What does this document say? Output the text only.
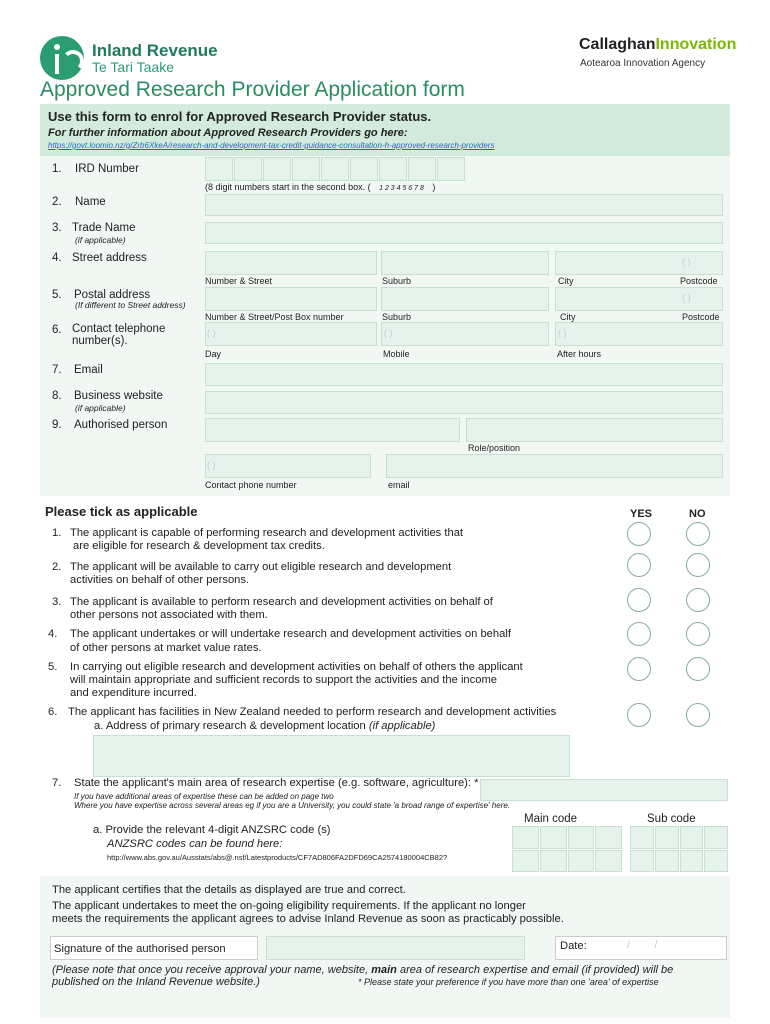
Inland Revenue
Te Tari Taake
CallaghanInnovation
Aotearoa Innovation Agency
Approved Research Provider Application form
Use this form to enrol for Approved Research Provider status.
For further information about Approved Research Providers go here:
https://govt.loomio.nz/g/Zrb6XkeA/research-and-development-tax-credit-guidance-consultation-h-approved-research-providers
1. IRD Number
(8 digit numbers start in the second box. ( 1 2 3 4 5 6 7 8 )
2. Name
3. Trade Name
(if applicable)
4. Street address	( )
Number & Street	Suburb	City	Postcode
5. Postal address
(If different to Street address)
( )
Number & Street/Post Box number	Suburb	City	Postcode
6. Contact telephone
number(s).
( )	( )	( )
Day	Mobile	After hours
7. Email
8. Business website
(if applicable)
9. Authorised person
Role/position
( )
Contact phone number	email
Please tick as applicable	YES	NO
1. The applicant is capable of performing research and development activities that
are eligible for research & development tax credits.
2. The applicant will be available to carry out eligible research and development
activities on behalf of other persons.
3. The applicant is available to perform research and development activities on behalf of
other persons not associated with them.
4. The applicant undertakes or will undertake research and development activities on behalf
of other persons at market value rates.
5. In carrying out eligible research and development activities on behalf of others the applicant
will maintain appropriate and sufficient records to support the activities and the income
and expenditure incurred.
6. The applicant has facilities in New Zealand needed to perform research and development activities
a. Address of primary research & development location (if applicable)
7. State the applicant's main area of research expertise (e.g. software, agriculture): *
If you have additional areas of expertise these can be added on page two
Where you have expertise across several areas eg if you are a University, you could state 'a broad range of expertise' here.
Main code	Sub code
a. Provide the relevant 4-digit ANZSRC code (s)
ANZSRC codes can be found here:
http://www.abs.gov.au/Ausstats/abs@.nsf/Latestproducts/CF7AD806FA2DFD69CA2574180004CB82?
The applicant certifies that the details as displayed are true and correct.
The applicant undertakes to meet the on-going eligibility requirements. If the applicant no longer
meets the requirements the applicant agrees to advise Inland Revenue as soon as practicably possible.
Signature of the authorised person	Date:	/        /
(Please note that once you receive approval your name, website, main area of research expertise and email (if provided) will be
published on the Inland Revenue website.)	* Please state your preference if you have more than one 'area' of expertise
